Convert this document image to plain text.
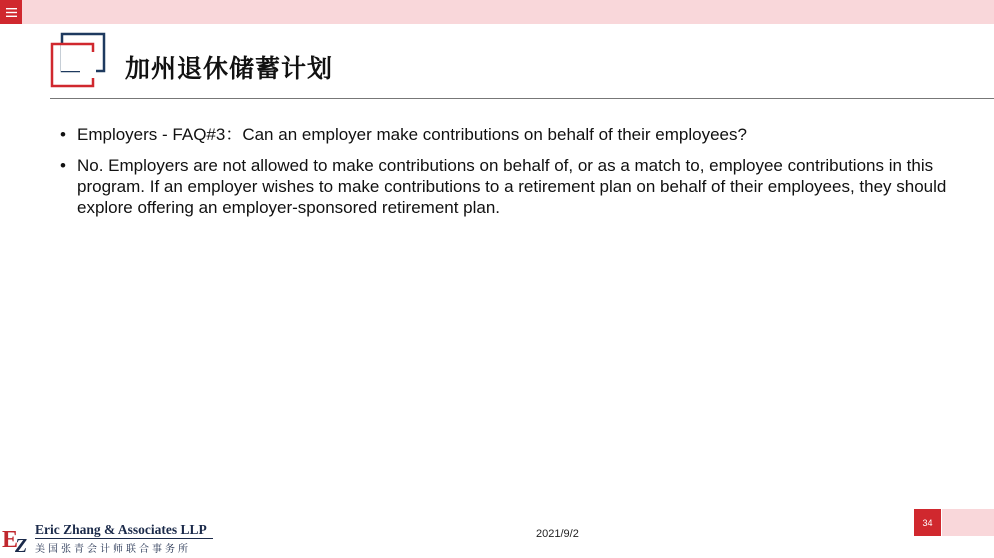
加州退休储蓄计划
• Employers - FAQ#3：Can an employer make contributions on behalf of their employees?
• No. Employers are not allowed to make contributions on behalf of, or as a match to, employee contributions in this program. If an employer wishes to make contributions to a retirement plan on behalf of their employees, they should explore offering an employer-sponsored retirement plan.
E
Z
Eric Zhang & Associates LLP
美国张青会计师联合事务所
2021/9/2
34
